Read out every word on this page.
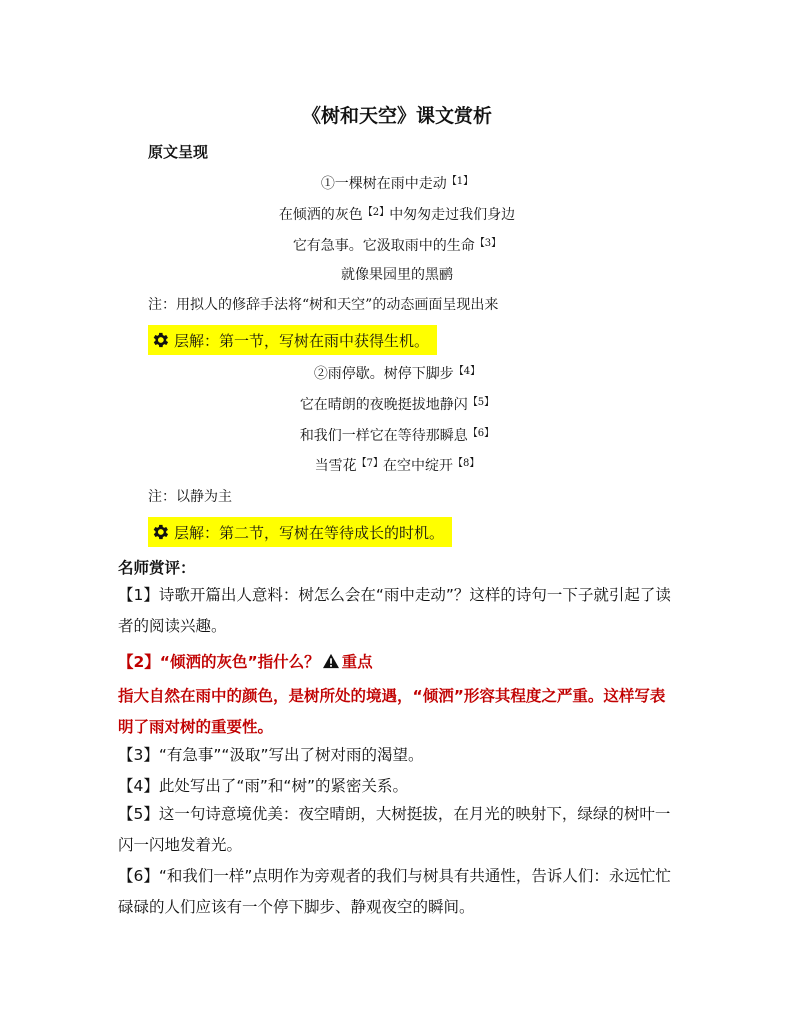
《树和天空》课文赏析
原文呈现
①一棵树在雨中走动$^{【1】}$
在倾洒的灰色$^{【2】}$中匆匆走过我们身边
它有急事。它汲取雨中的生命$^{【3】}$
就像果园里的黑鹂
注：用拟人的修辞手法将“树和天空”的动态画面呈现出来
层解：第一节，写树在雨中获得生机。
②雨停歇。树停下脚步$^{【4】}$
它在晴朗的夜晚挺拔地静闪$^{【5】}$
和我们一样它在等待那瞬息$^{【6】}$
当雪花$^{【7】}$在空中绽开$^{【8】}$
注：以静为主
层解：第二节，写树在等待成长的时机。
名师赏评：
【1】诗歌开篇出人意料：树怎么会在“雨中走动”？这样的诗句一下子就引起了读者的阅读兴趣。
【2】“倾洒的灰色”指什么？ 重点
指大自然在雨中的颜色，是树所处的境遇，“倾洒”形容其程度之严重。这样写表明了雨对树的重要性。
【3】“有急事”“汲取”写出了树对雨的渴望。
【4】此处写出了“雨”和“树”的紧密关系。
【5】这一句诗意境优美：夜空晴朗，大树挺拔，在月光的映射下，绿绿的树叶一闪一闪地发着光。
【6】“和我们一样”点明作为旁观者的我们与树具有共通性，告诉人们：永远忙忙碌碌的人们应该有一个停下脚步、静观夜空的瞬间。
